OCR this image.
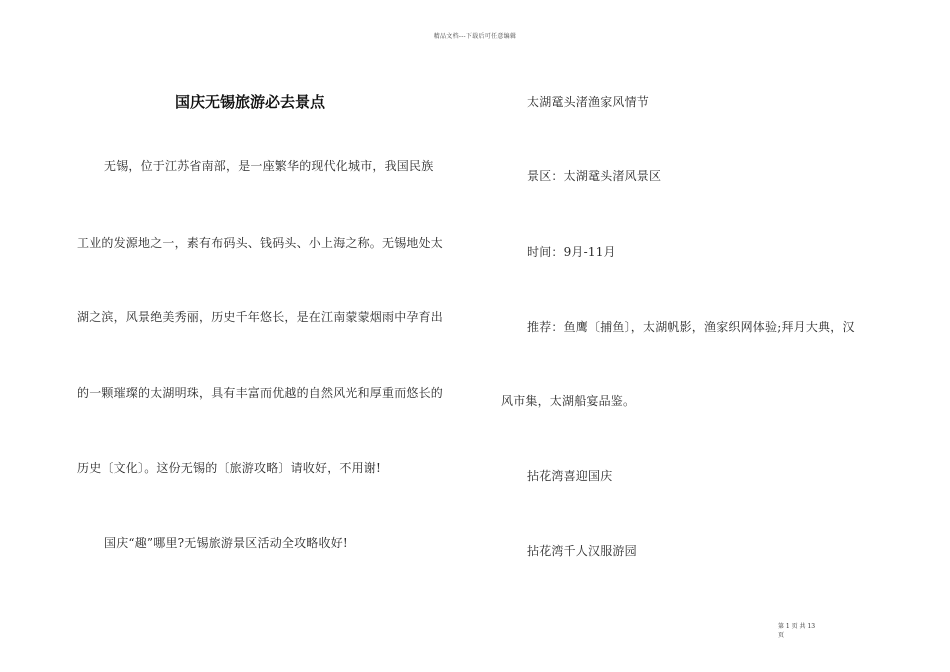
精品文档---下载后可任意编辑
国庆无锡旅游必去景点
无锡，位于江苏省南部，是一座繁华的现代化城市，我国民族
工业的发源地之一，素有布码头、钱码头、小上海之称。无锡地处太
湖之滨，风景绝美秀丽，历史千年悠长，是在江南蒙蒙烟雨中孕育出
的一颗璀璨的太湖明珠，具有丰富而优越的自然风光和厚重而悠长的
历史〔文化〕。这份无锡的〔旅游攻略〕请收好，不用谢!
国庆“趣”哪里?无锡旅游景区活动全攻略收好!
太湖鼋头渚渔家风情节
景区：太湖鼋头渚风景区
时间：9月-11月
推荐：鱼鹰〔捕鱼〕，太湖帆影，渔家织网体验;拜月大典，汉
风市集，太湖船宴品鉴。
拈花湾喜迎国庆
拈花湾千人汉服游园
第 1 页 共 13
页
